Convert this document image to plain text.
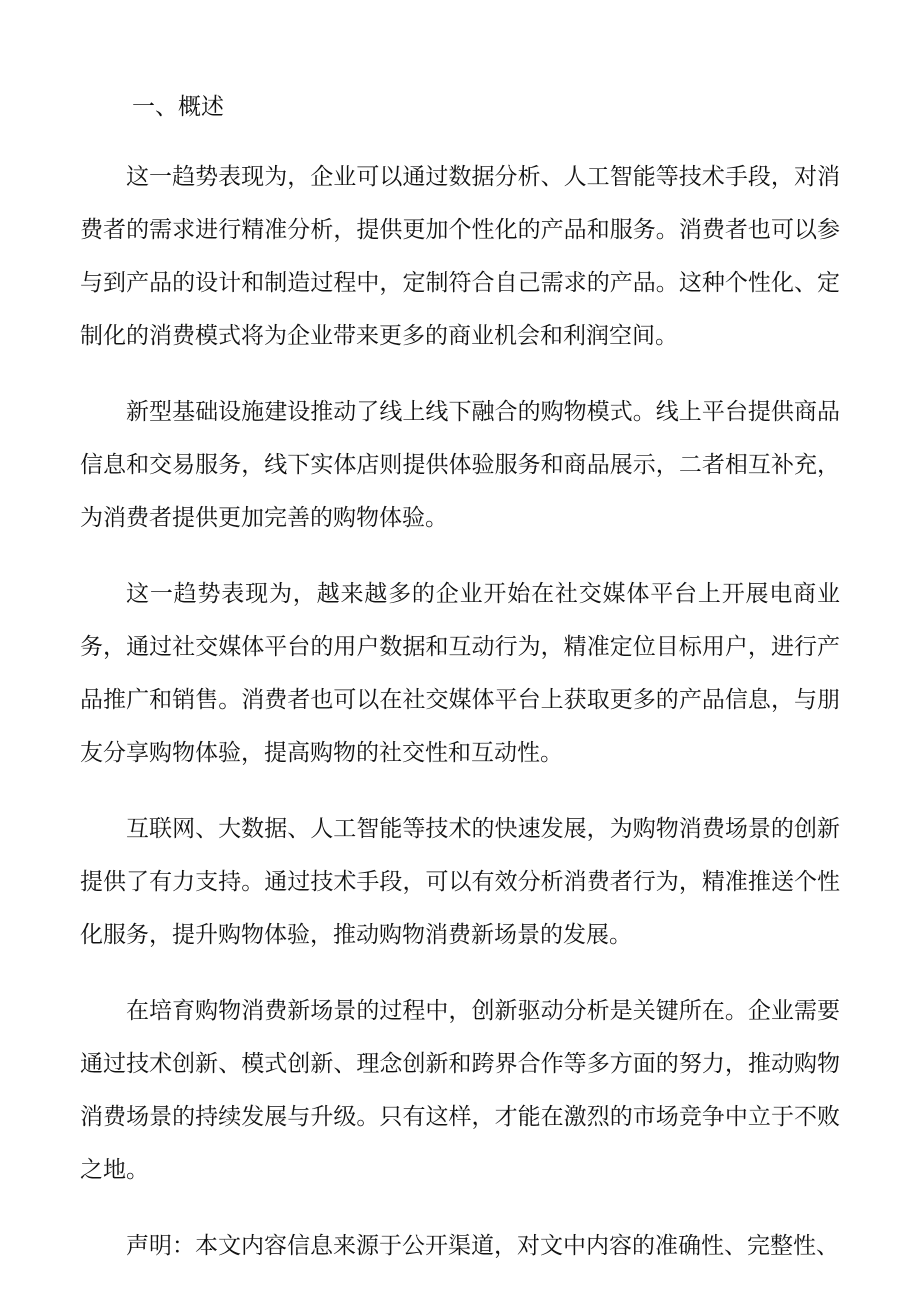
一、概述

这一趋势表现为，企业可以通过数据分析、人工智能等技术手段，对消费者的需求进行精准分析，提供更加个性化的产品和服务。消费者也可以参与到产品的设计和制造过程中，定制符合自己需求的产品。这种个性化、定制化的消费模式将为企业带来更多的商业机会和利润空间。

新型基础设施建设推动了线上线下融合的购物模式。线上平台提供商品信息和交易服务，线下实体店则提供体验服务和商品展示，二者相互补充，为消费者提供更加完善的购物体验。

这一趋势表现为，越来越多的企业开始在社交媒体平台上开展电商业务，通过社交媒体平台的用户数据和互动行为，精准定位目标用户，进行产品推广和销售。消费者也可以在社交媒体平台上获取更多的产品信息，与朋友分享购物体验，提高购物的社交性和互动性。

互联网、大数据、人工智能等技术的快速发展，为购物消费场景的创新提供了有力支持。通过技术手段，可以有效分析消费者行为，精准推送个性化服务，提升购物体验，推动购物消费新场景的发展。

在培育购物消费新场景的过程中，创新驱动分析是关键所在。企业需要通过技术创新、模式创新、理念创新和跨界合作等多方面的努力，推动购物消费场景的持续发展与升级。只有这样，才能在激烈的市场竞争中立于不败之地。

声明：本文内容信息来源于公开渠道，对文中内容的准确性、完整性、
